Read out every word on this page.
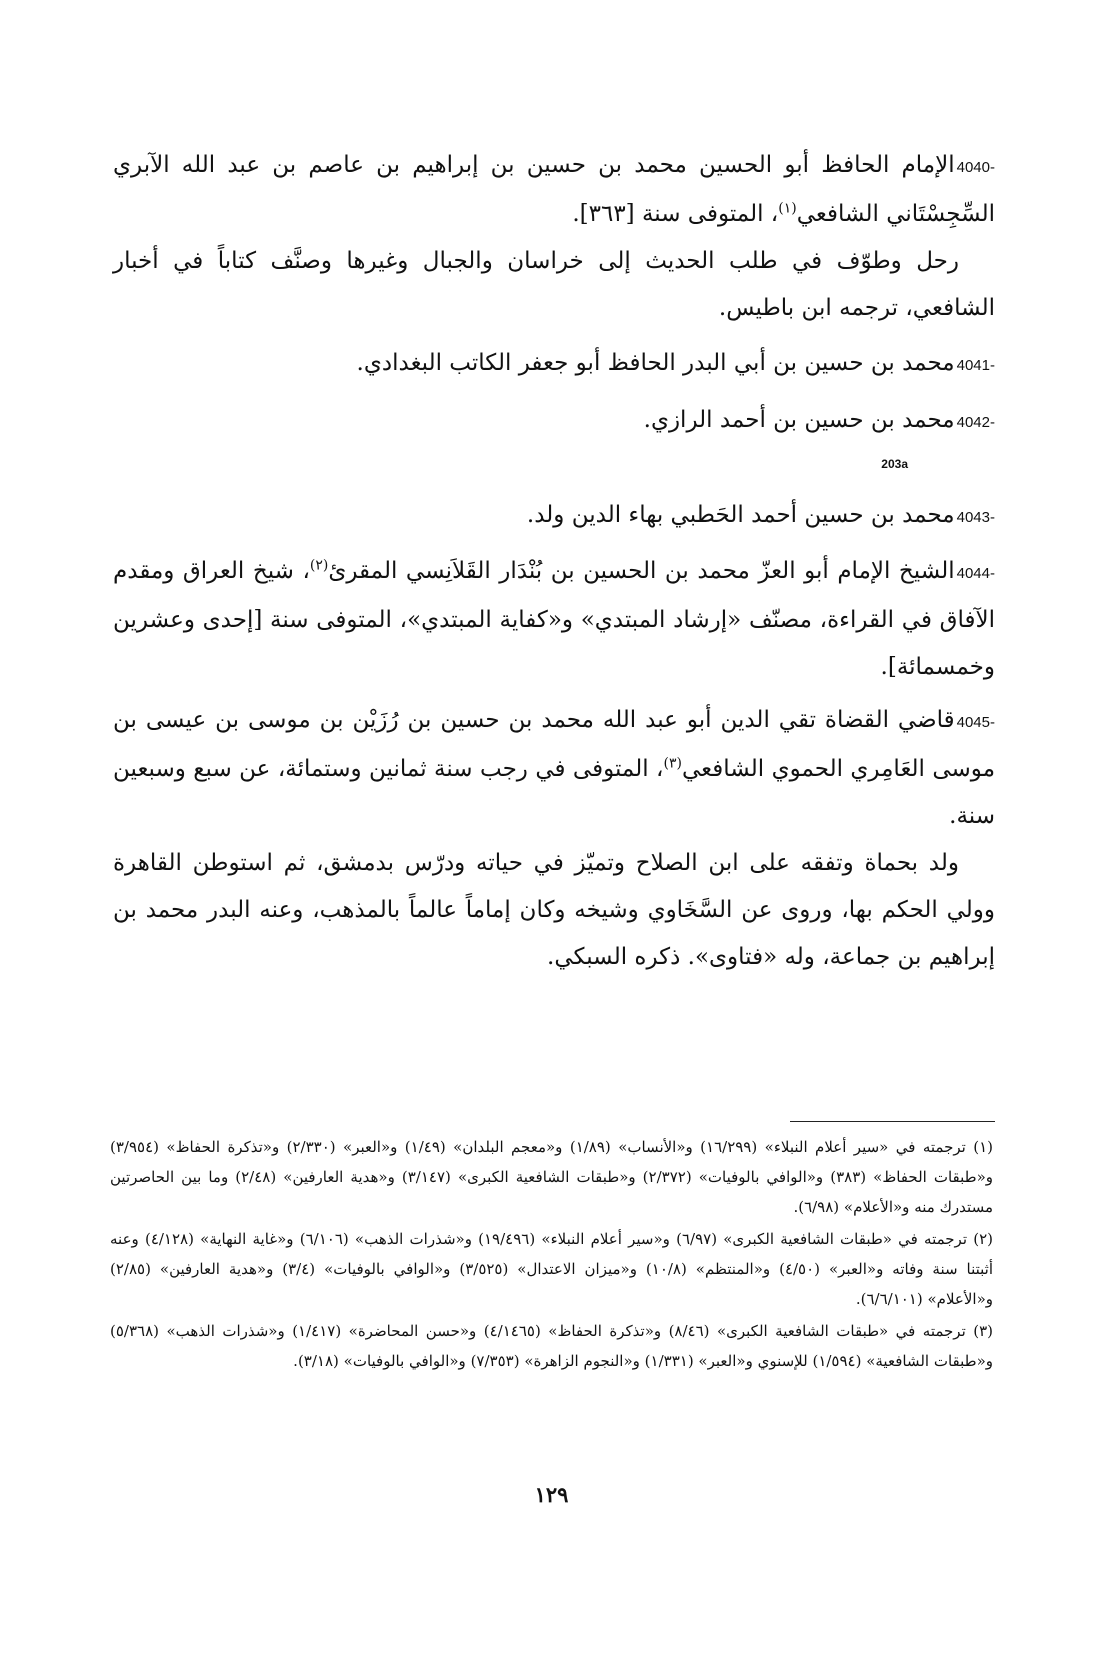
4040-الإمام الحافظ أبو الحسين محمد بن حسين بن إبراهيم بن عاصم بن عبد الله الآبري السِّجِسْتَاني الشافعي$^{(١)}$، المتوفى سنة [٣٦٣].

رحل وطوّف في طلب الحديث إلى خراسان والجبال وغيرها وصنَّف كتاباً في أخبار الشافعي، ترجمه ابن باطيس.

4041-محمد بن حسين بن أبي البدر الحافظ أبو جعفر الكاتب البغدادي.

4042-محمد بن حسين بن أحمد الرازي.

203a

4043-محمد بن حسين أحمد الحَطبي بهاء الدين ولد.

4044-الشيخ الإمام أبو العزّ محمد بن الحسين بن بُنْدَار القَلاَنِسي المقرئ$^{(٢)}$، شيخ العراق ومقدم الآفاق في القراءة، مصنّف «إرشاد المبتدي» و«كفاية المبتدي»، المتوفى سنة [إحدى وعشرين وخمسمائة].

4045-قاضي القضاة تقي الدين أبو عبد الله محمد بن حسين بن رُزَيْن بن موسى بن عيسى بن موسى العَامِري الحموي الشافعي$^{(٣)}$، المتوفى في رجب سنة ثمانين وستمائة، عن سبع وسبعين سنة.

ولد بحماة وتفقه على ابن الصلاح وتميّز في حياته ودرّس بدمشق، ثم استوطن القاهرة وولي الحكم بها، وروى عن السَّخَاوي وشيخه وكان إماماً عالماً بالمذهب، وعنه البدر محمد بن إبراهيم بن جماعة، وله «فتاوى». ذكره السبكي.

(١) ترجمته في «سير أعلام النبلاء» (١٦/٢٩٩) و«الأنساب» (١/٨٩) و«معجم البلدان» (١/٤٩) و«العبر» (٢/٣٣٠) و«تذكرة الحفاظ» (٣/٩٥٤) و«طبقات الحفاظ» (٣٨٣) و«الوافي بالوفيات» (٢/٣٧٢) و«طبقات الشافعية الكبرى» (٣/١٤٧) و«هدية العارفين» (٢/٤٨) وما بين الحاصرتين مستدرك منه و«الأعلام» (٦/٩٨).

(٢) ترجمته في «طبقات الشافعية الكبرى» (٦/٩٧) و«سير أعلام النبلاء» (١٩/٤٩٦) و«شذرات الذهب» (٦/١٠٦) و«غاية النهاية» (٤/١٢٨) وعنه أثبتنا سنة وفاته و«العبر» (٤/٥٠) و«المنتظم» (١٠/٨) و«ميزان الاعتدال» (٣/٥٢٥) و«الوافي بالوفيات» (٣/٤) و«هدية العارفين» (٢/٨٥) و«الأعلام» (٦/٦/١٠١).

(٣) ترجمته في «طبقات الشافعية الكبرى» (٨/٤٦) و«تذكرة الحفاظ» (٤/١٤٦٥) و«حسن المحاضرة» (١/٤١٧) و«شذرات الذهب» (٥/٣٦٨) و«طبقات الشافعية» (١/٥٩٤) للإسنوي و«العبر» (١/٣٣١) و«النجوم الزاهرة» (٧/٣٥٣) و«الوافي بالوفيات» (٣/١٨).

١٢٩
